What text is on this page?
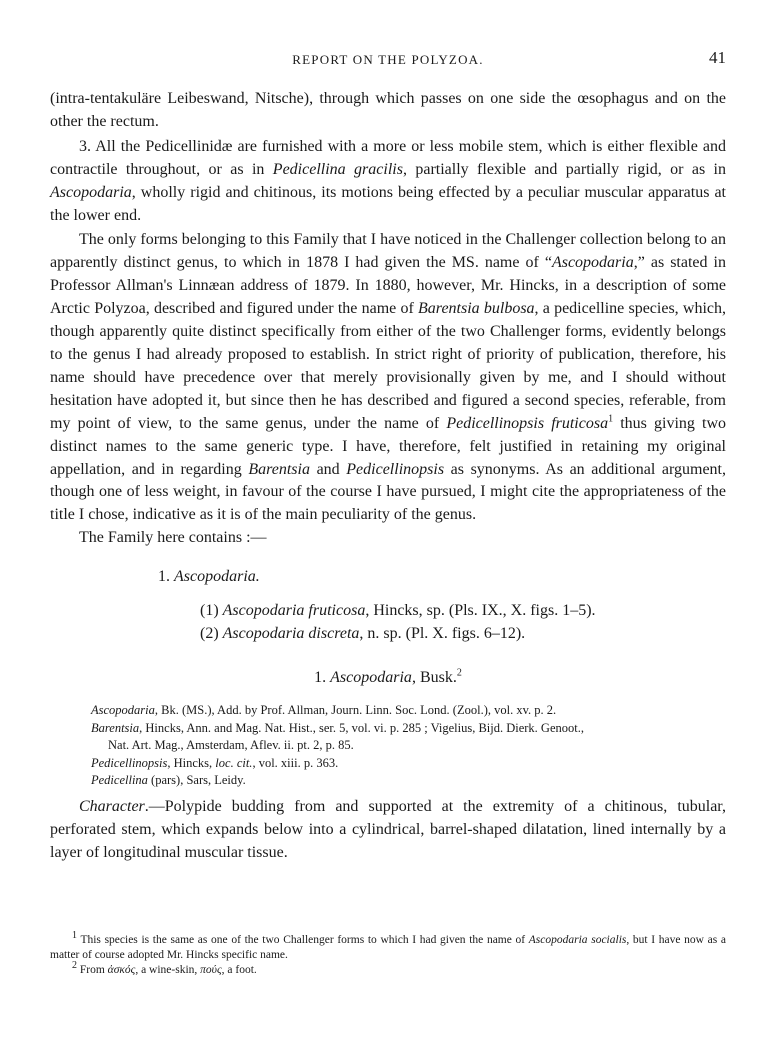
REPORT ON THE POLYZOA.	41

(intra-tentakuläre Leibeswand, Nitsche), through which passes on one side the œsophagus and on the other the rectum.

3. All the Pedicellinidæ are furnished with a more or less mobile stem, which is either flexible and contractile throughout, or as in Pedicellina gracilis, partially flexible and partially rigid, or as in Ascopodaria, wholly rigid and chitinous, its motions being effected by a peculiar muscular apparatus at the lower end.

The only forms belonging to this Family that I have noticed in the Challenger collection belong to an apparently distinct genus, to which in 1878 I had given the MS. name of “Ascopodaria,” as stated in Professor Allman's Linnæan address of 1879. In 1880, however, Mr. Hincks, in a description of some Arctic Polyzoa, described and figured under the name of Barentsia bulbosa, a pedicelline species, which, though apparently quite distinct specifically from either of the two Challenger forms, evidently belongs to the genus I had already proposed to establish. In strict right of priority of publication, therefore, his name should have precedence over that merely provisionally given by me, and I should without hesitation have adopted it, but since then he has described and figured a second species, referable, from my point of view, to the same genus, under the name of Pedicellinopsis fruticosa$^1$ thus giving two distinct names to the same generic type. I have, therefore, felt justified in retaining my original appellation, and in regarding Barentsia and Pedicellinopsis as synonyms. As an additional argument, though one of less weight, in favour of the course I have pursued, I might cite the appropriateness of the title I chose, indicative as it is of the main peculiarity of the genus.

The Family here contains :—

1. Ascopodaria.
(1) Ascopodaria fruticosa, Hincks, sp. (Pls. IX., X. figs. 1–5).
(2) Ascopodaria discreta, n. sp. (Pl. X. figs. 6–12).
1. Ascopodaria, Busk.$^2$
Ascopodaria, Bk. (MS.), Add. by Prof. Allman, Journ. Linn. Soc. Lond. (Zool.), vol. xv. p. 2.
Barentsia, Hincks, Ann. and Mag. Nat. Hist., ser. 5, vol. vi. p. 285 ; Vigelius, Bijd. Dierk. Genoot.,
Nat. Art. Mag., Amsterdam, Aflev. ii. pt. 2, p. 85.
Pedicellinopsis, Hincks, loc. cit., vol. xiii. p. 363.
Pedicellina (pars), Sars, Leidy.

Character.—Polypide budding from and supported at the extremity of a chitinous, tubular, perforated stem, which expands below into a cylindrical, barrel-shaped dilatation, lined internally by a layer of longitudinal muscular tissue.

$^1$ This species is the same as one of the two Challenger forms to which I had given the name of Ascopodaria socialis, but I have now as a matter of course adopted Mr. Hincks specific name.

$^2$ From ἀσκός, a wine-skin, πούς, a foot.
